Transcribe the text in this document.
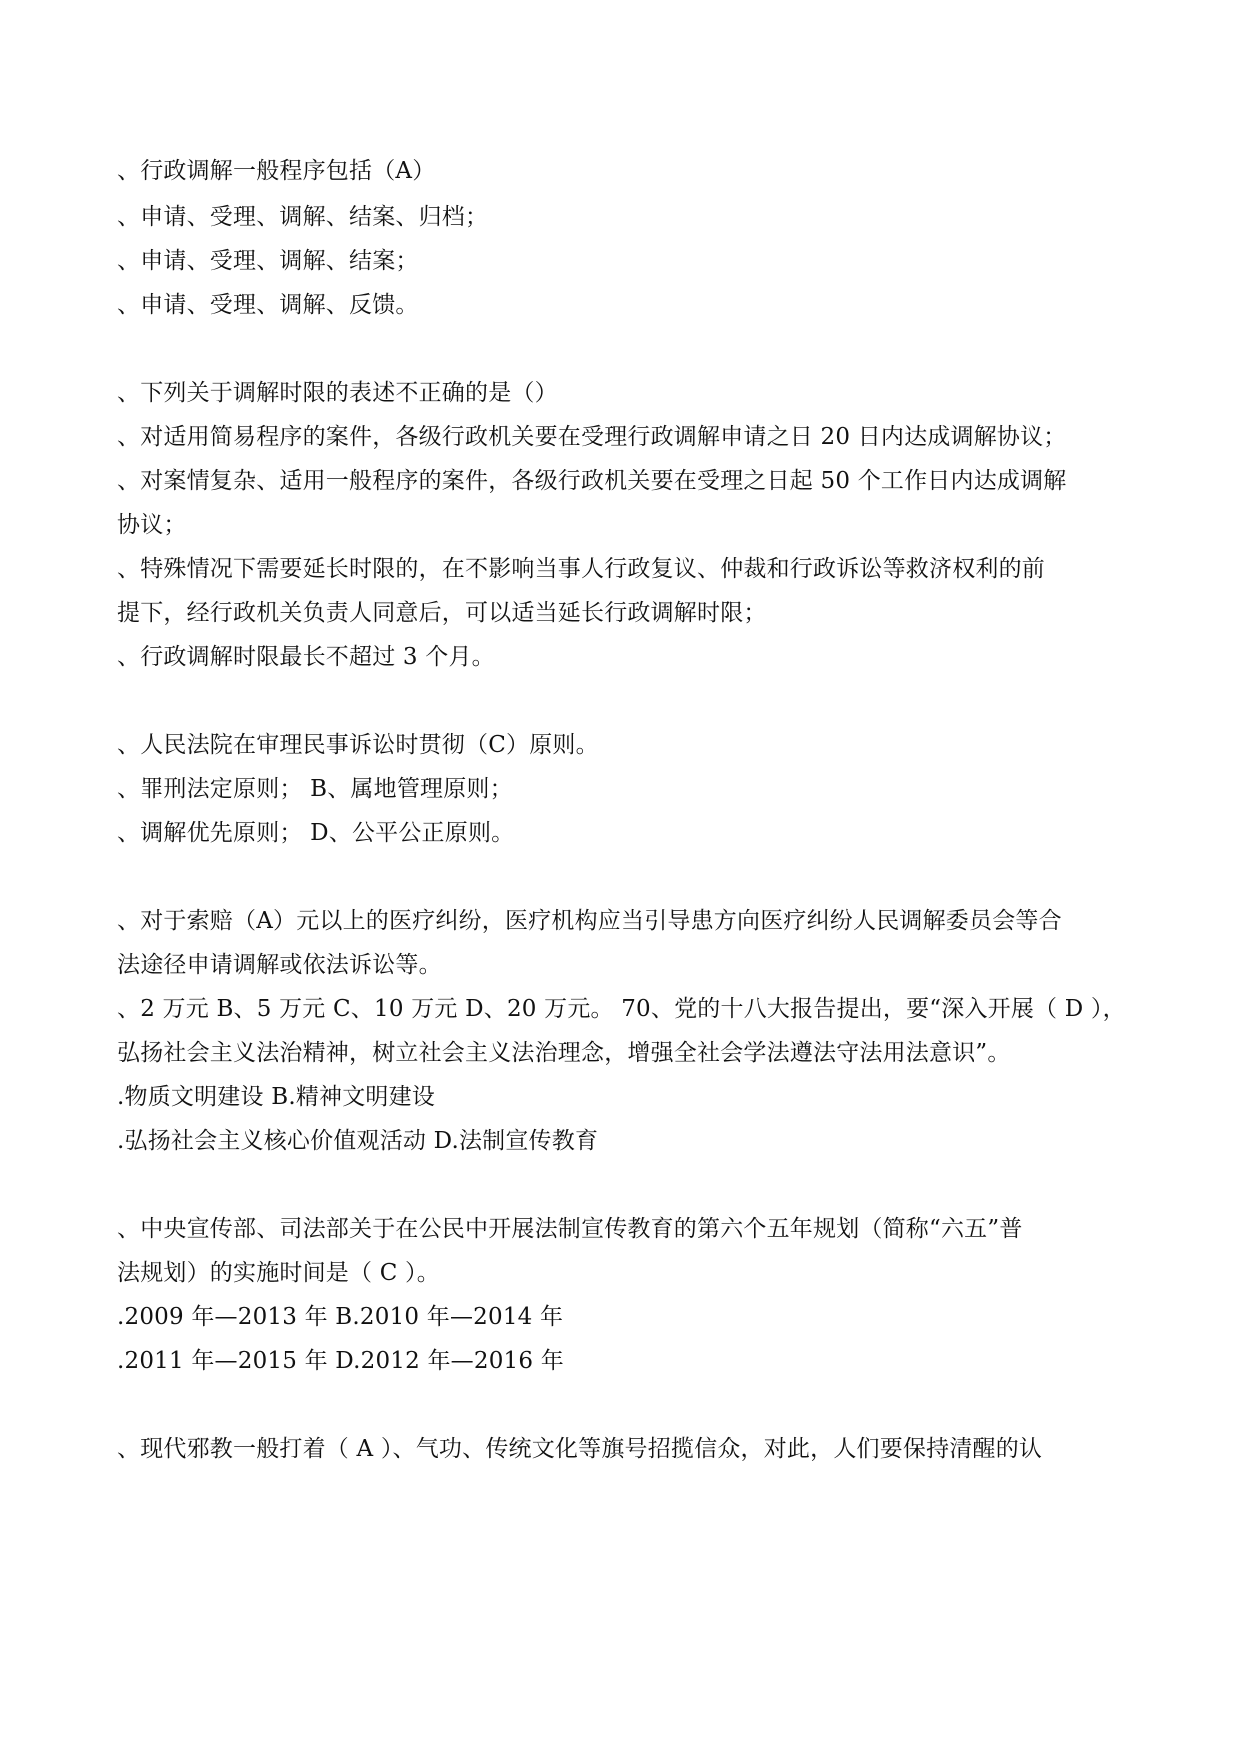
、行政调解一般程序包括（A）
、申请、受理、调解、结案、归档；
、申请、受理、调解、结案；
、申请、受理、调解、反馈。
、下列关于调解时限的表述不正确的是（）
、对适用简易程序的案件，各级行政机关要在受理行政调解申请之日 20 日内达成调解协议；
、对案情复杂、适用一般程序的案件，各级行政机关要在受理之日起 50 个工作日内达成调解
协议；
、特殊情况下需要延长时限的，在不影响当事人行政复议、仲裁和行政诉讼等救济权利的前
提下，经行政机关负责人同意后，可以适当延长行政调解时限；
、行政调解时限最长不超过 3 个月。
、人民法院在审理民事诉讼时贯彻（C）原则。
、罪刑法定原则； B、属地管理原则；
、调解优先原则； D、公平公正原则。
、对于索赔（A）元以上的医疗纠纷，医疗机构应当引导患方向医疗纠纷人民调解委员会等合
法途径申请调解或依法诉讼等。
、2 万元 B、5 万元 C、10 万元 D、20 万元。 70、党的十八大报告提出，要“深入开展（ D ），
弘扬社会主义法治精神，树立社会主义法治理念，增强全社会学法遵法守法用法意识”。
.物质文明建设 B.精神文明建设
.弘扬社会主义核心价值观活动 D.法制宣传教育
、中央宣传部、司法部关于在公民中开展法制宣传教育的第六个五年规划（简称“六五”普
法规划）的实施时间是（ C ）。
.2009 年—2013 年 B.2010 年—2014 年
.2011 年—2015 年 D.2012 年—2016 年
、现代邪教一般打着（ A ）、气功、传统文化等旗号招揽信众，对此，人们要保持清醒的认
